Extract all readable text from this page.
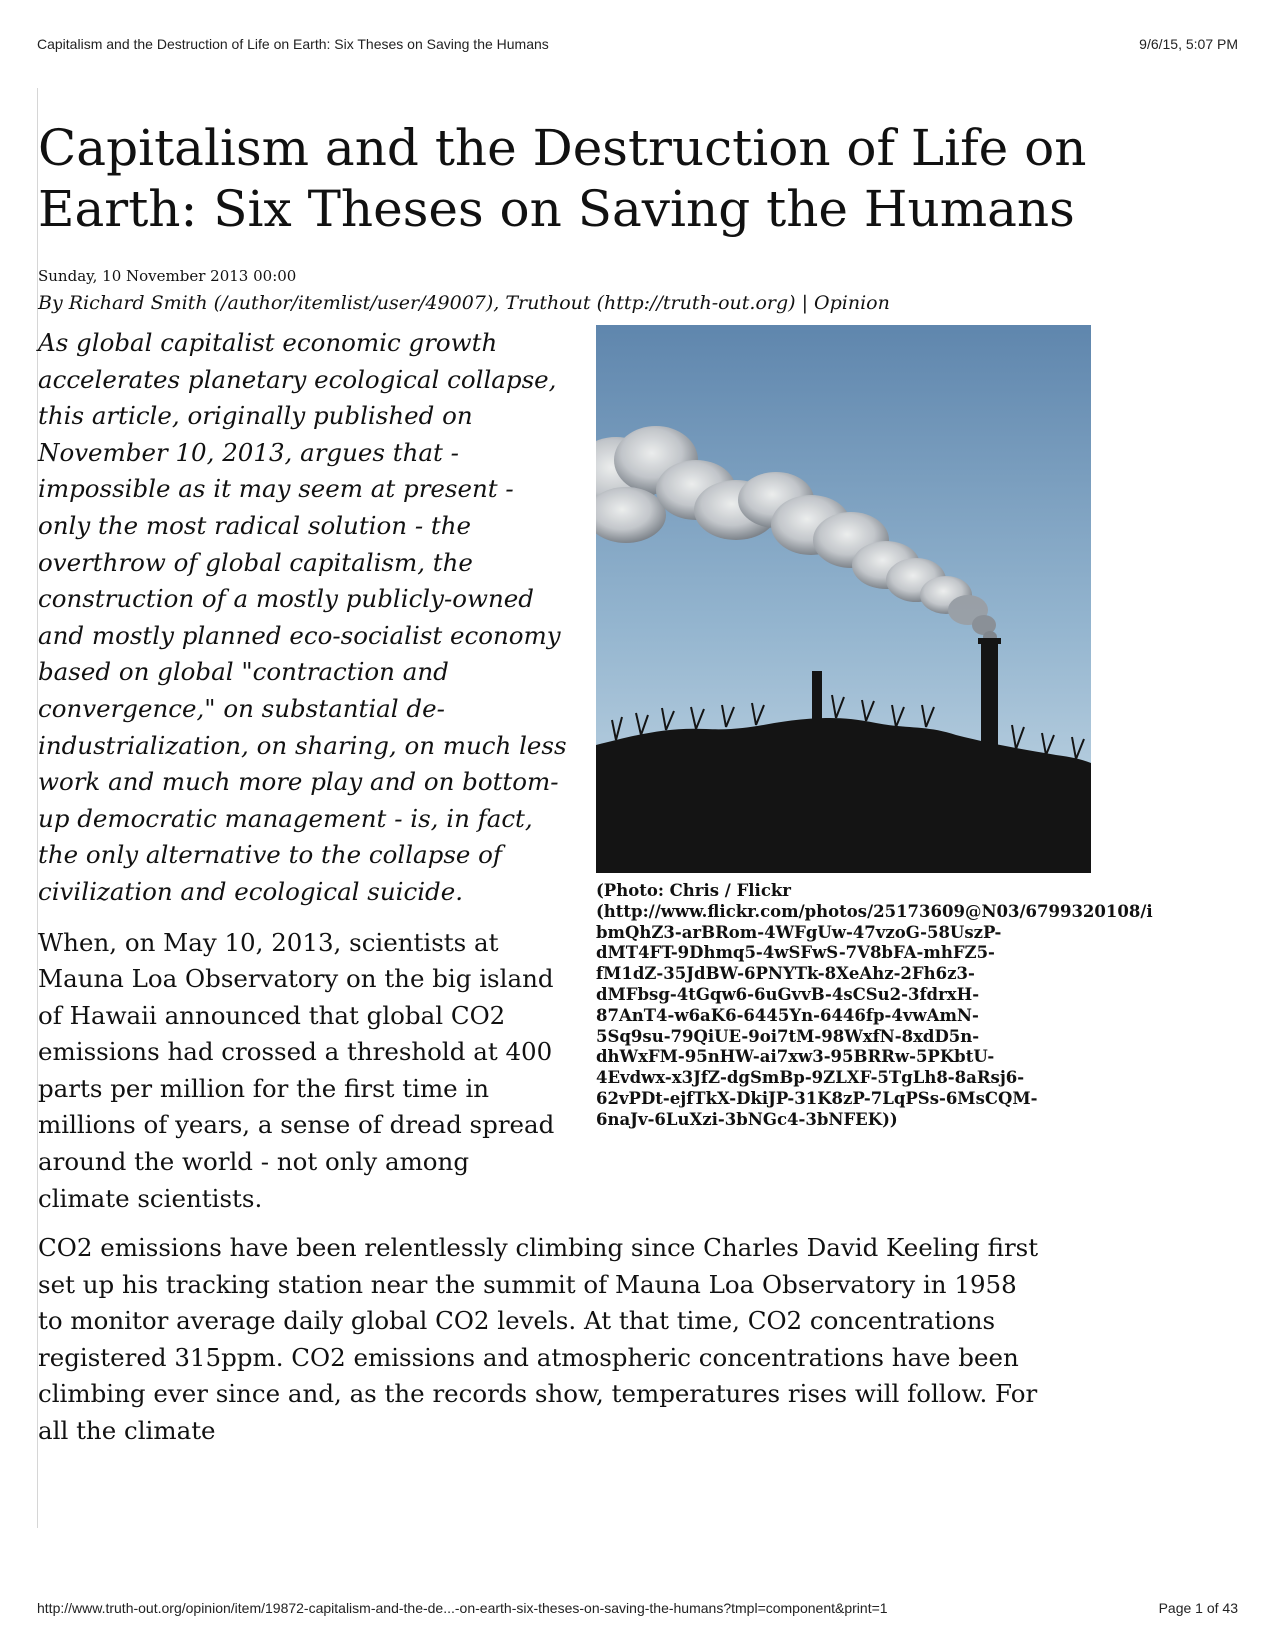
Capitalism and the Destruction of Life on Earth: Six Theses on Saving the Humans	9/6/15, 5:07 PM
Capitalism and the Destruction of Life on Earth: Six Theses on Saving the Humans
Sunday, 10 November 2013 00:00
By Richard Smith (/author/itemlist/user/49007), Truthout (http://truth-out.org) | Opinion

As global capitalist economic growth accelerates planetary ecological collapse, this article, originally published on November 10, 2013, argues that - impossible as it may seem at present - only the most radical solution - the overthrow of global capitalism, the construction of a mostly publicly-owned and mostly planned eco-socialist economy based on global "contraction and convergence," on substantial de-industrialization, on sharing, on much less work and much more play and on bottom-up democratic management - is, in fact, the only alternative to the collapse of civilization and ecological suicide.

When, on May 10, 2013, scientists at Mauna Loa Observatory on the big island of Hawaii announced that global CO2 emissions had crossed a threshold at 400 parts per million for the first time in millions of years, a sense of dread spread around the world - not only among climate scientists.

(Photo: Chris / Flickr
(http://www.flickr.com/photos/25173609@N03/6799320108/i
bmQhZ3-arBRom-4WFgUw-47vzoG-58UszP-
dMT4FT-9Dhmq5-4wSFwS-7V8bFA-mhFZ5-
fM1dZ-35JdBW-6PNYTk-8XeAhz-2Fh6z3-
dMFbsg-4tGqw6-6uGvvB-4sCSu2-3fdrxH-
87AnT4-w6aK6-6445Yn-6446fp-4vwAmN-
5Sq9su-79QiUE-9oi7tM-98WxfN-8xdD5n-
dhWxFM-95nHW-ai7xw3-95BRRw-5PKbtU-
4Evdwx-x3JfZ-dgSmBp-9ZLXF-5TgLh8-8aRsj6-
62vPDt-ejfTkX-DkiJP-31K8zP-7LqPSs-6MsCQM-
6naJv-6LuXzi-3bNGc4-3bNFEK))

CO2 emissions have been relentlessly climbing since Charles David Keeling first set up his tracking station near the summit of Mauna Loa Observatory in 1958 to monitor average daily global CO2 levels. At that time, CO2 concentrations registered 315ppm. CO2 emissions and atmospheric concentrations have been climbing ever since and, as the records show, temperatures rises will follow. For all the climate

http://www.truth-out.org/opinion/item/19872-capitalism-and-the-de...-on-earth-six-theses-on-saving-the-humans?tmpl=component&print=1	Page 1 of 43
